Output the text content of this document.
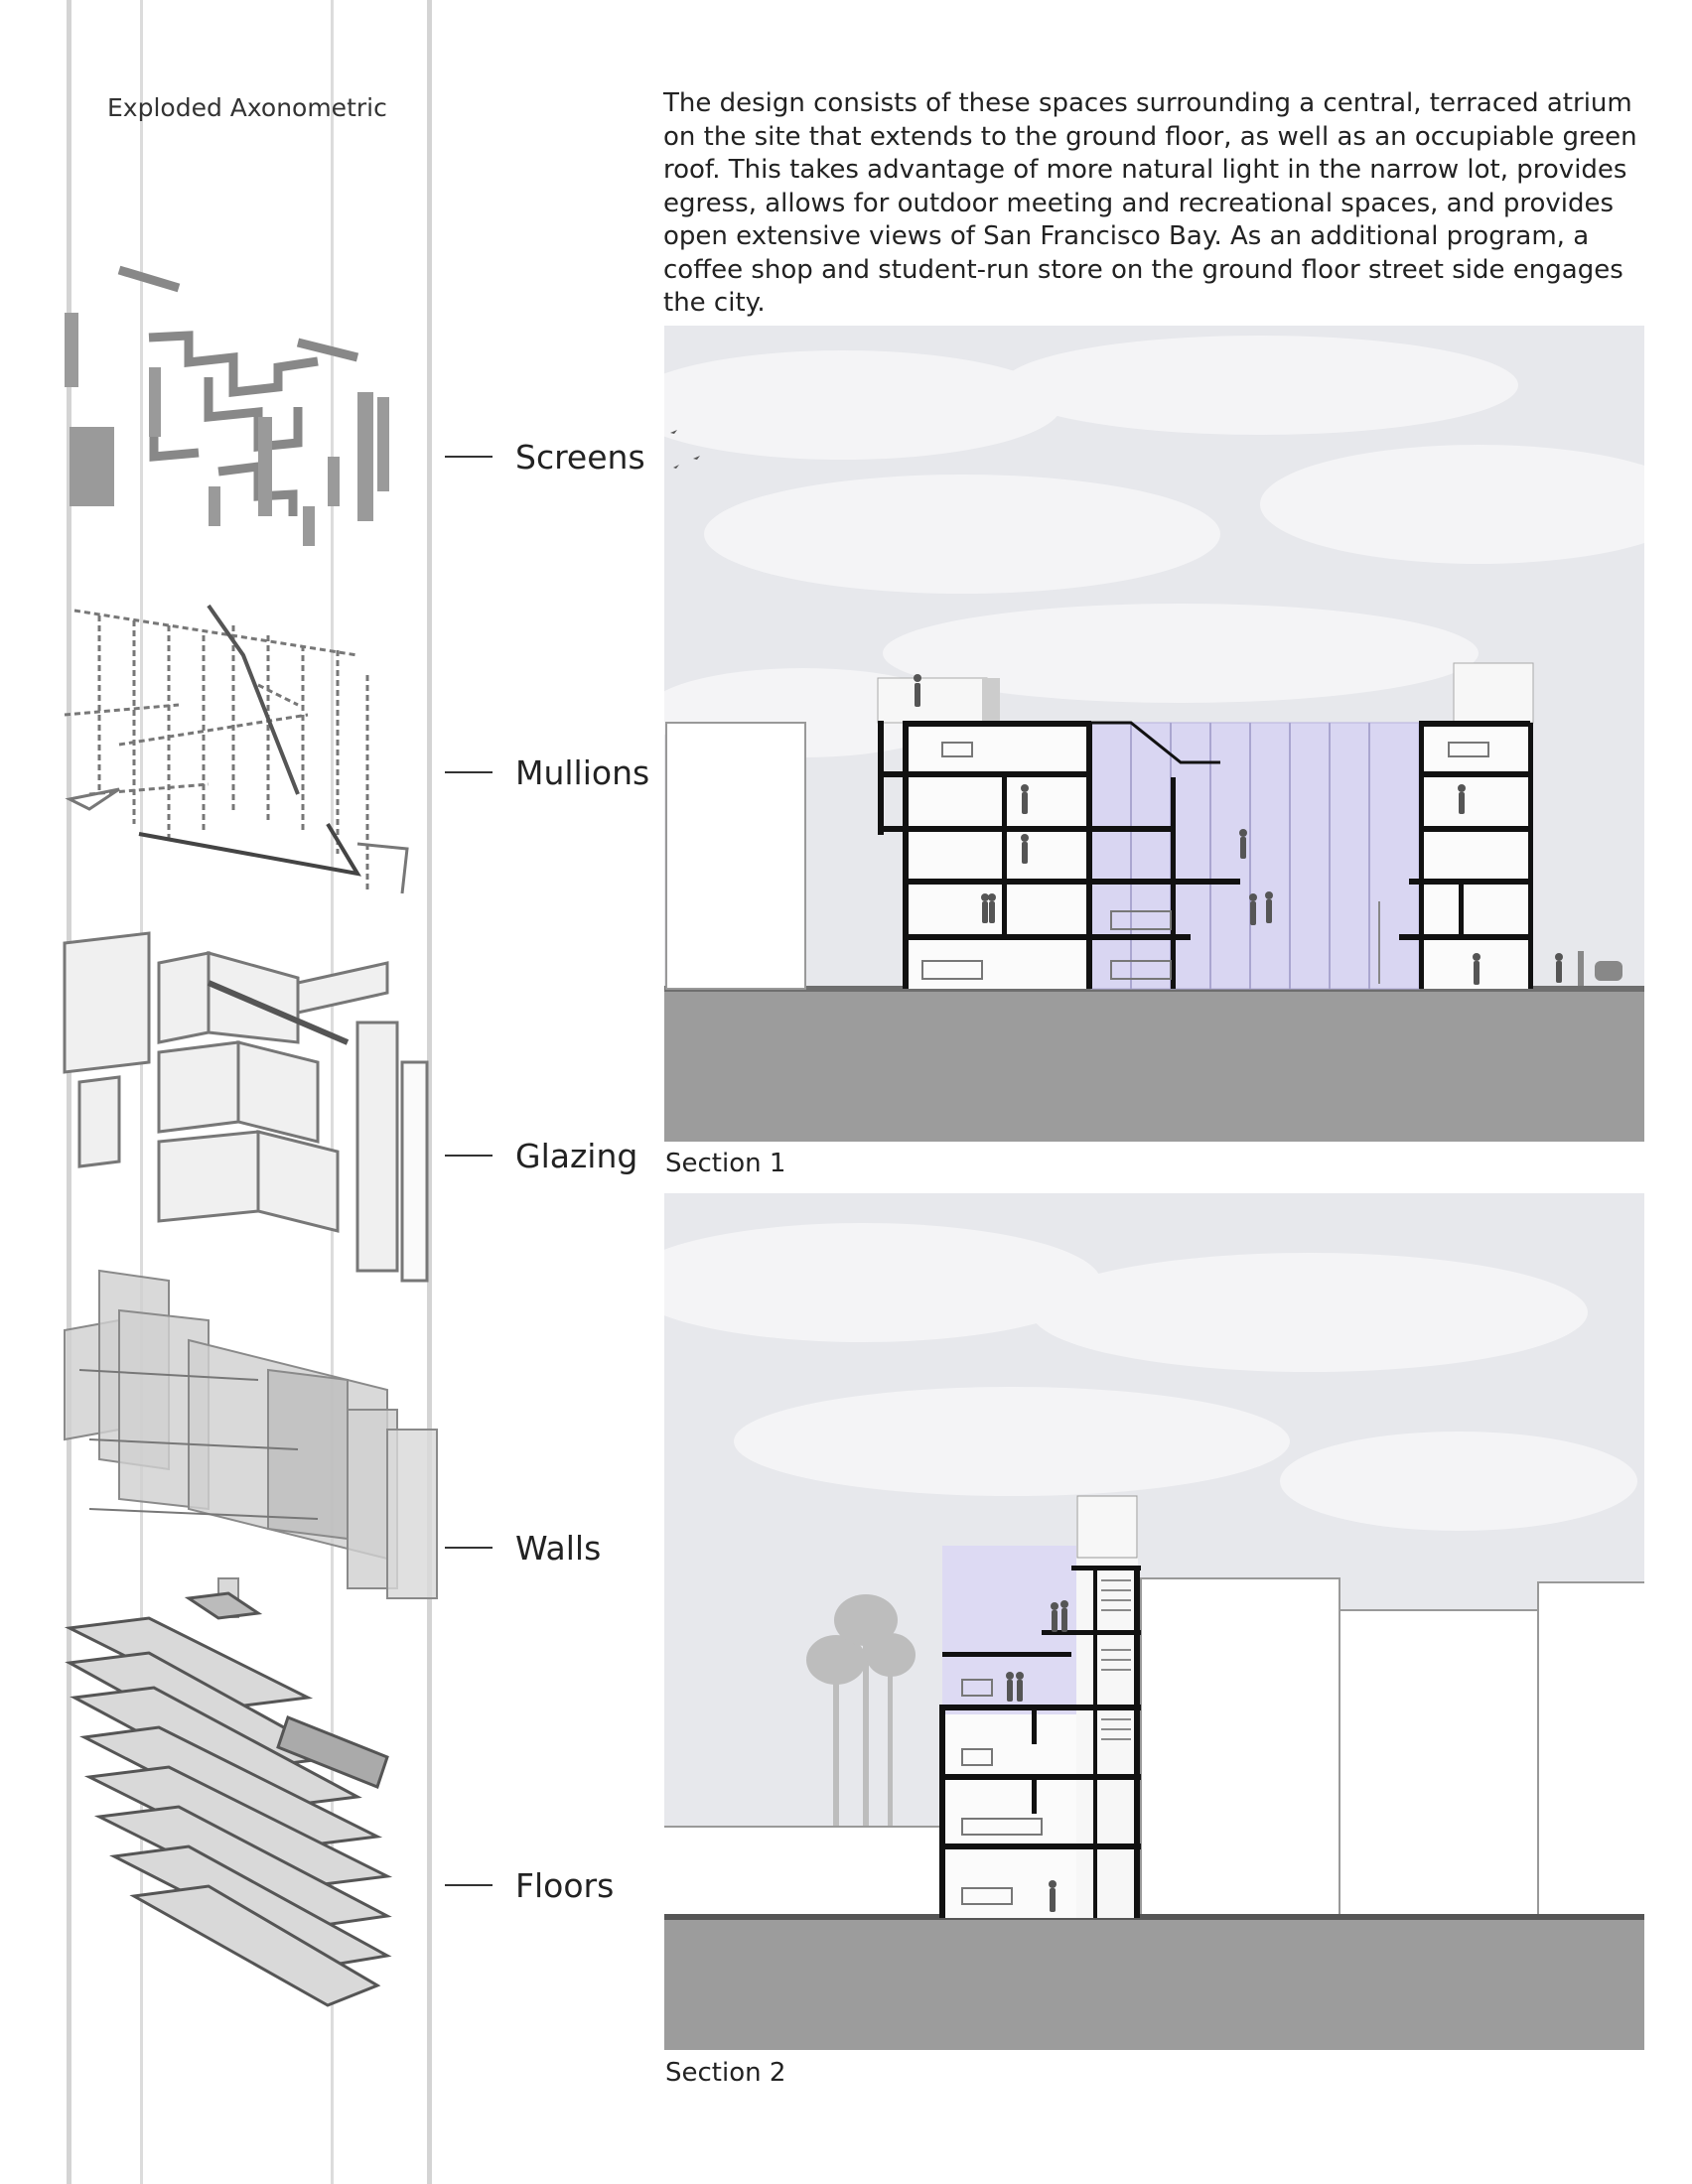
Exploded Axonometric	The design consists of these spaces surrounding a central, terraced atrium on the site that extends to the ground floor, as well as an occupiable green roof. This takes advantage of more natural light in the narrow lot, provides egress, allows for outdoor meeting and recreational spaces, and provides open extensive views of San Francisco Bay. As an additional program, a coffee shop and student-run store on the ground floor street side engages the city.

Screens
Mullions
Glazing
Walls
Floors
Section 1
Section 2
